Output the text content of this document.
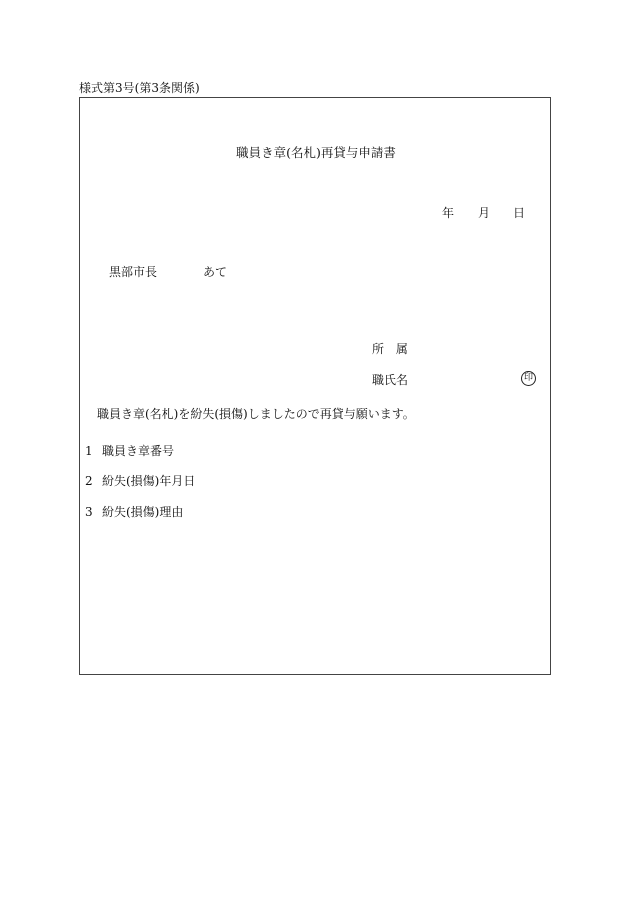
様式第3号(第3条関係)
職員き章(名札)再貸与申請書
年 月 日
黒部市長	あて
所 属
職氏名	印
職員き章(名札)を紛失(損傷)しましたので再貸与願います。
1 職員き章番号
2 紛失(損傷)年月日
3 紛失(損傷)理由
